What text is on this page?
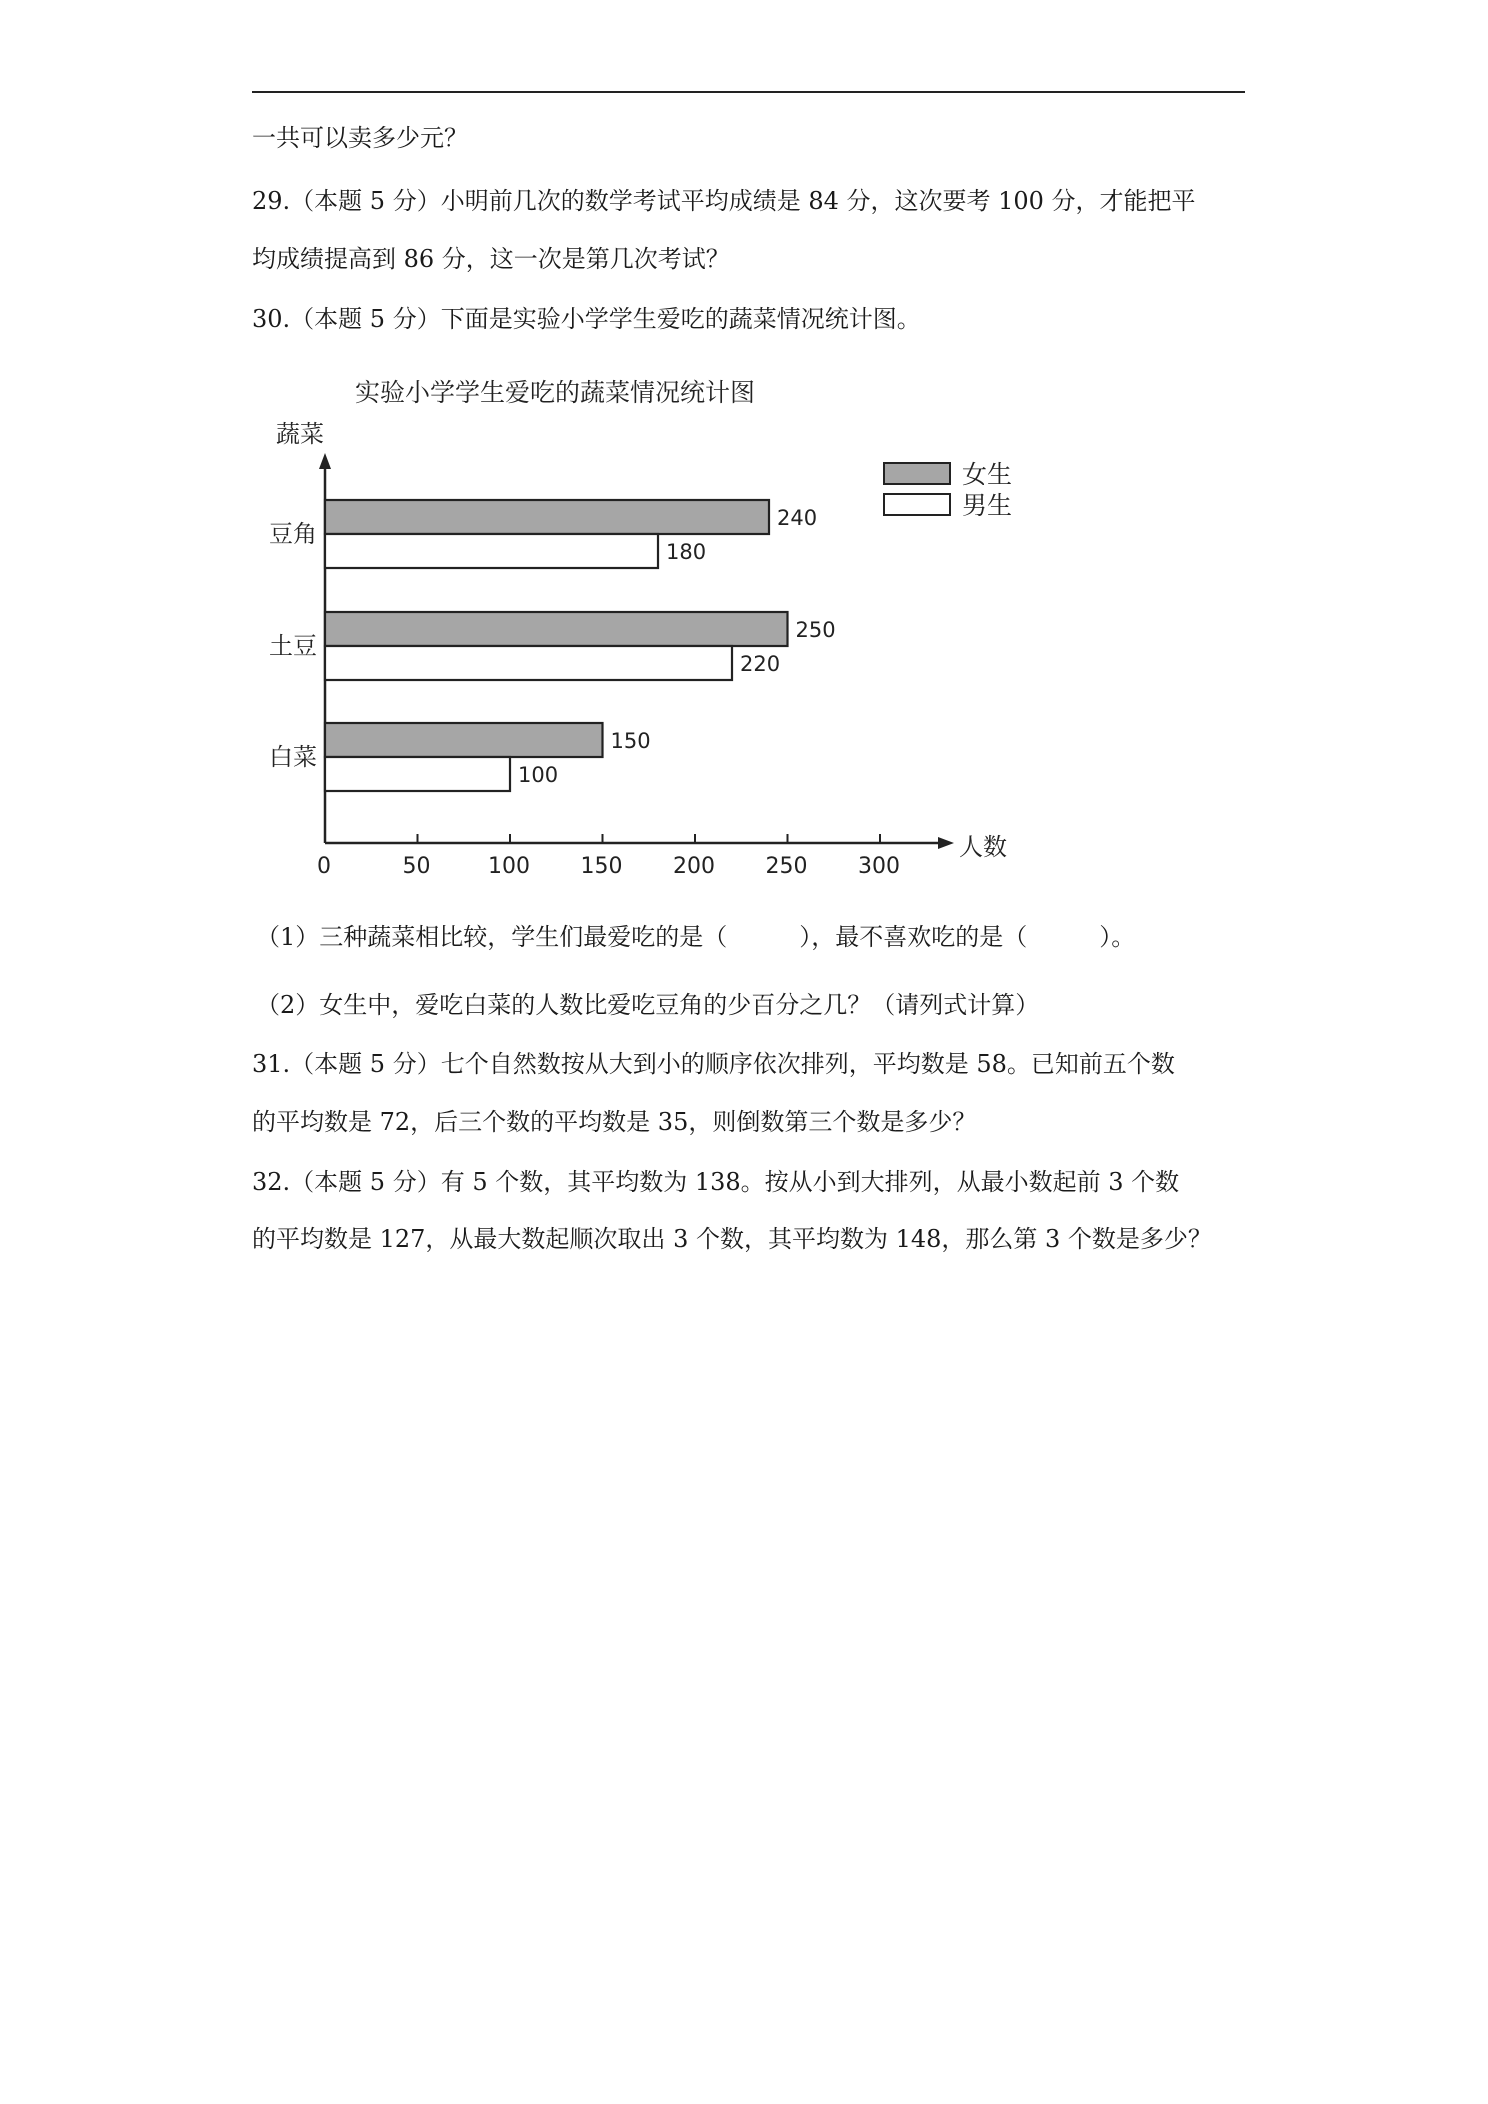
一共可以卖多少元？
29.（本题 5 分）小明前几次的数学考试平均成绩是 84 分，这次要考 100 分，才能把平
均成绩提高到 86 分，这一次是第几次考试？
30.（本题 5 分）下面是实验小学学生爱吃的蔬菜情况统计图。
实验小学学生爱吃的蔬菜情况统计图
蔬菜
人数
女生
男生
0	50	100 150 200 250 300
豆角
240
180
土豆
250
220
白菜
150
100
（1）三种蔬菜相比较，学生们最爱吃的是（　　　），最不喜欢吃的是（　　　）。
（2）女生中，爱吃白菜的人数比爱吃豆角的少百分之几？（请列式计算）
31.（本题 5 分）七个自然数按从大到小的顺序依次排列，平均数是 58。已知前五个数
的平均数是 72，后三个数的平均数是 35，则倒数第三个数是多少？
32.（本题 5 分）有 5 个数，其平均数为 138。按从小到大排列，从最小数起前 3 个数
的平均数是 127，从最大数起顺次取出 3 个数，其平均数为 148，那么第 3 个数是多少？
